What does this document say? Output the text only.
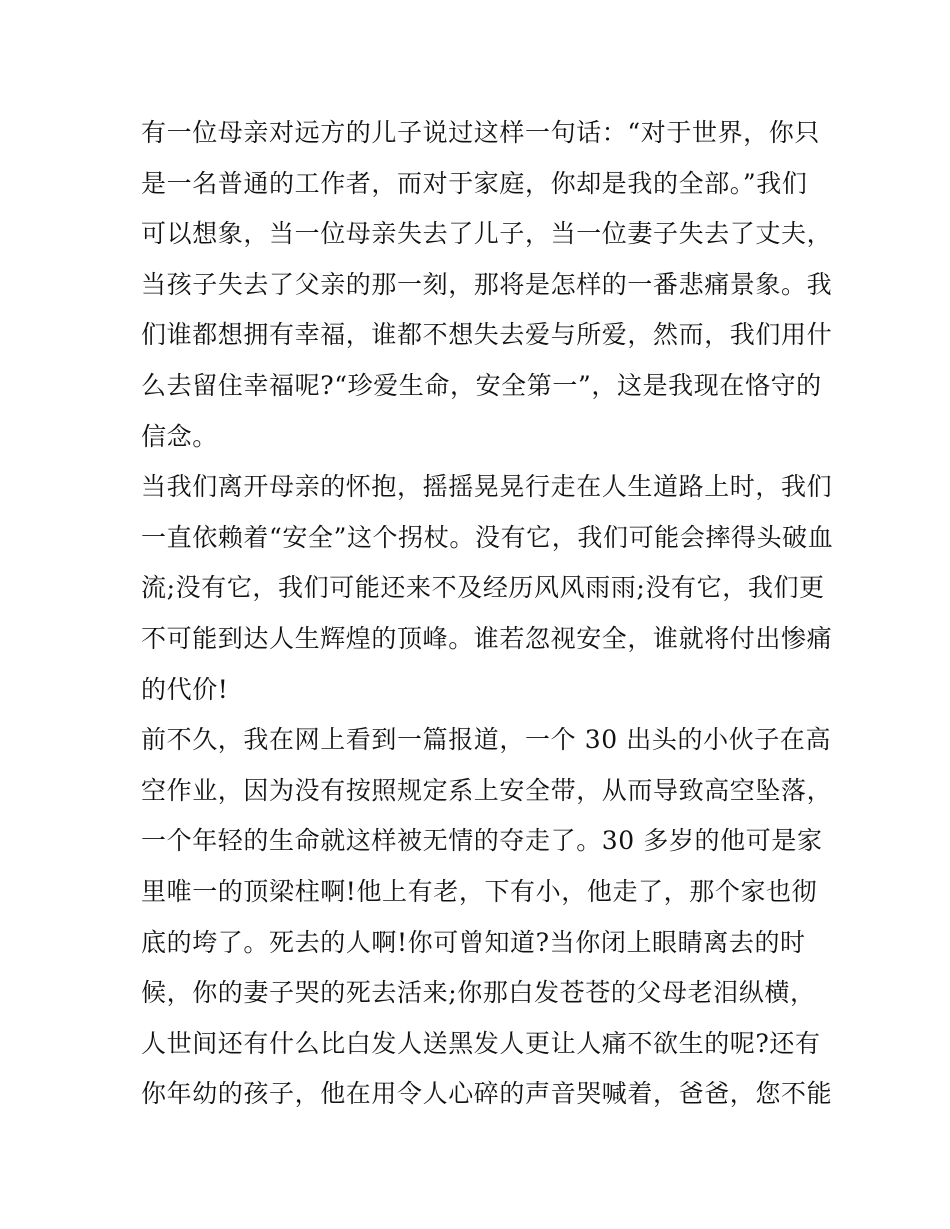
有一位母亲对远方的儿子说过这样一句话：“对于世界，你只
是一名普通的工作者，而对于家庭，你却是我的全部。”我们
可以想象，当一位母亲失去了儿子，当一位妻子失去了丈夫，
当孩子失去了父亲的那一刻，那将是怎样的一番悲痛景象。我
们谁都想拥有幸福，谁都不想失去爱与所爱，然而，我们用什
么去留住幸福呢?“珍爱生命，安全第一”，这是我现在恪守的
信念。
当我们离开母亲的怀抱，摇摇晃晃行走在人生道路上时，我们
一直依赖着“安全”这个拐杖。没有它，我们可能会摔得头破血
流;没有它，我们可能还来不及经历风风雨雨;没有它，我们更
不可能到达人生辉煌的顶峰。谁若忽视安全，谁就将付出惨痛
的代价!
前不久，我在网上看到一篇报道，一个 30 出头的小伙子在高
空作业，因为没有按照规定系上安全带，从而导致高空坠落，
一个年轻的生命就这样被无情的夺走了。30 多岁的他可是家
里唯一的顶梁柱啊!他上有老，下有小，他走了，那个家也彻
底的垮了。死去的人啊!你可曾知道?当你闭上眼睛离去的时
候，你的妻子哭的死去活来;你那白发苍苍的父母老泪纵横，
人世间还有什么比白发人送黑发人更让人痛不欲生的呢?还有
你年幼的孩子，他在用令人心碎的声音哭喊着，爸爸，您不能
